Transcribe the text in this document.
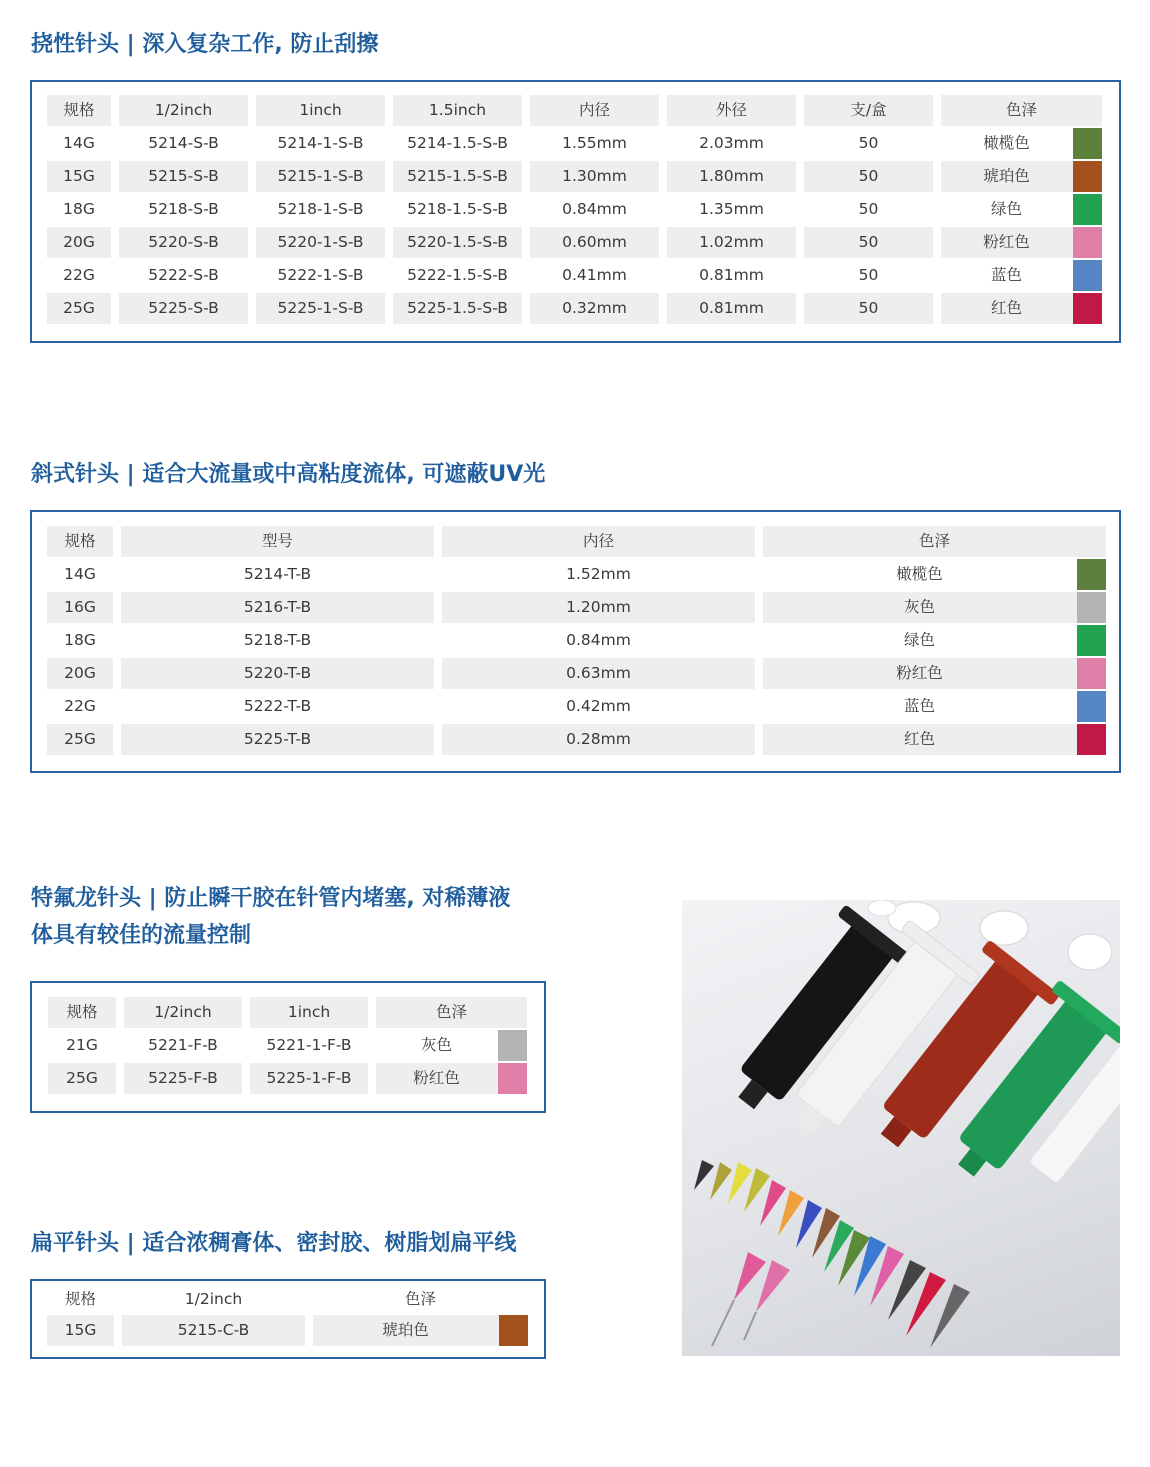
挠性针头 | 深入复杂工作, 防止刮擦
规格	1/2inch	1inch	1.5inch	内径	外径	支/盒	色泽
14G	5214-S-B	5214-1-S-B	5214-1.5-S-B	1.55mm	2.03mm	50	橄榄色
15G	5215-S-B	5215-1-S-B	5215-1.5-S-B	1.30mm	1.80mm	50	琥珀色
18G	5218-S-B	5218-1-S-B	5218-1.5-S-B	0.84mm	1.35mm	50	绿色
20G	5220-S-B	5220-1-S-B	5220-1.5-S-B	0.60mm	1.02mm	50	粉红色
22G	5222-S-B	5222-1-S-B	5222-1.5-S-B	0.41mm	0.81mm	50	蓝色
25G	5225-S-B	5225-1-S-B	5225-1.5-S-B	0.32mm	0.81mm	50	红色
斜式针头 | 适合大流量或中高粘度流体, 可遮蔽UV光
规格	型号	内径	色泽
14G	5214-T-B	1.52mm	橄榄色
16G	5216-T-B	1.20mm	灰色
18G	5218-T-B	0.84mm	绿色
20G	5220-T-B	0.63mm	粉红色
22G	5222-T-B	0.42mm	蓝色
25G	5225-T-B	0.28mm	红色
特氟龙针头 | 防止瞬干胶在针管内堵塞, 对稀薄液
体具有较佳的流量控制
规格	1/2inch	1inch	色泽
21G	5221-F-B	5221-1-F-B	灰色
25G	5225-F-B	5225-1-F-B	粉红色
扁平针头 | 适合浓稠膏体、密封胶、树脂划扁平线
规格	1/2inch	色泽
15G	5215-C-B	琥珀色
